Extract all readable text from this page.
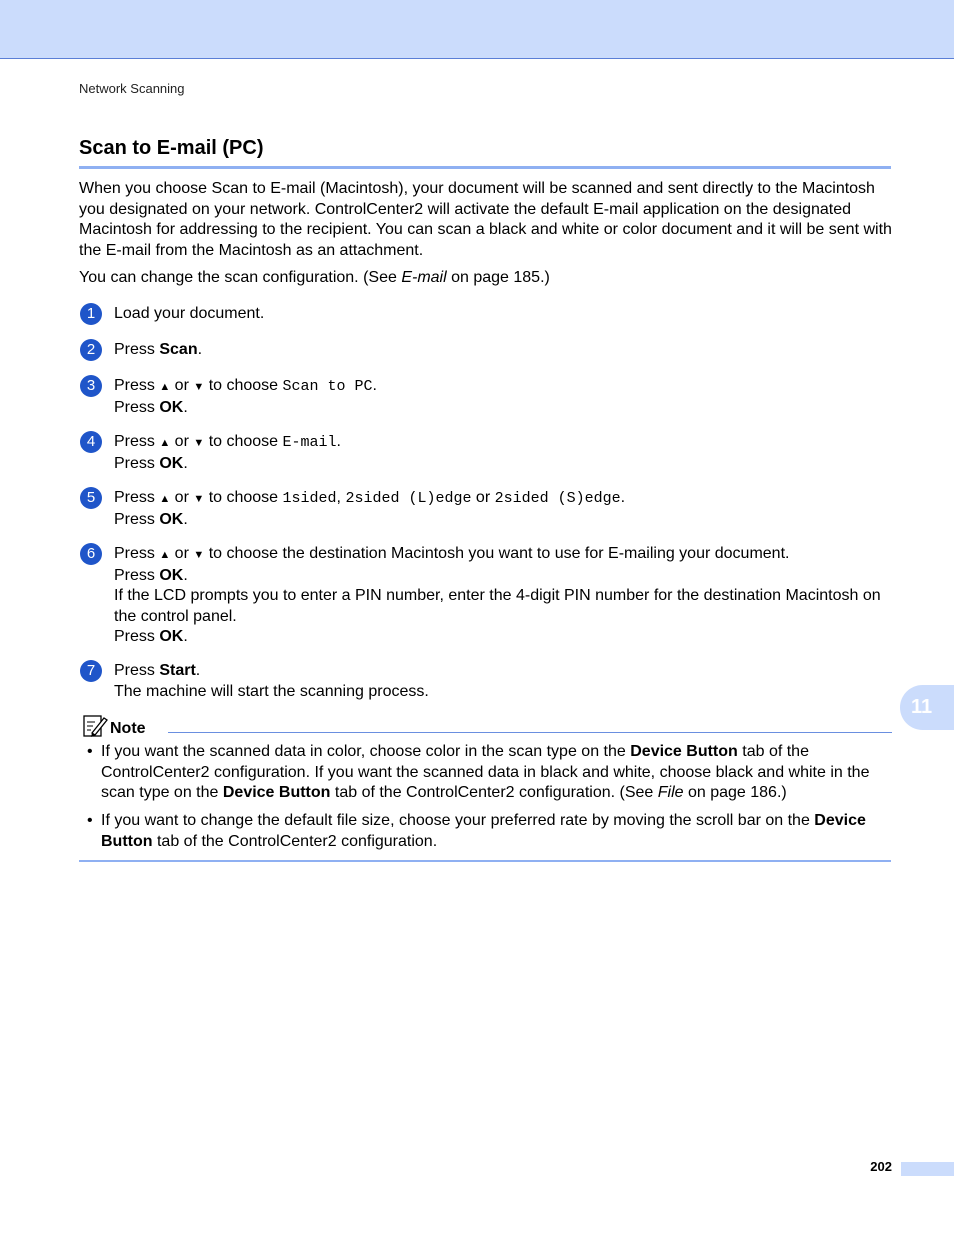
Network Scanning
Scan to E-mail (PC)
When you choose Scan to E-mail (Macintosh), your document will be scanned and sent directly to the Macintosh you designated on your network. ControlCenter2 will activate the default E-mail application on the designated Macintosh for addressing to the recipient. You can scan a black and white or color document and it will be sent with the E-mail from the Macintosh as an attachment.
You can change the scan configuration. (See E-mail on page 185.)
1	Load your document.
2	Press Scan.
3	Press ▲ or ▼ to choose Scan to PC.
Press OK.
4	Press ▲ or ▼ to choose E-mail.
Press OK.
5	Press ▲ or ▼ to choose 1sided, 2sided (L)edge or 2sided (S)edge.
Press OK.
6	Press ▲ or ▼ to choose the destination Macintosh you want to use for E-mailing your document.
Press OK.
If the LCD prompts you to enter a PIN number, enter the 4-digit PIN number for the destination Macintosh on the control panel.
Press OK.
7	Press Start.
The machine will start the scanning process.
Note
• If you want the scanned data in color, choose color in the scan type on the Device Button tab of the ControlCenter2 configuration. If you want the scanned data in black and white, choose black and white in the scan type on the Device Button tab of the ControlCenter2 configuration. (See File on page 186.)
• If you want to change the default file size, choose your preferred rate by moving the scroll bar on the Device Button tab of the ControlCenter2 configuration.
11
202
